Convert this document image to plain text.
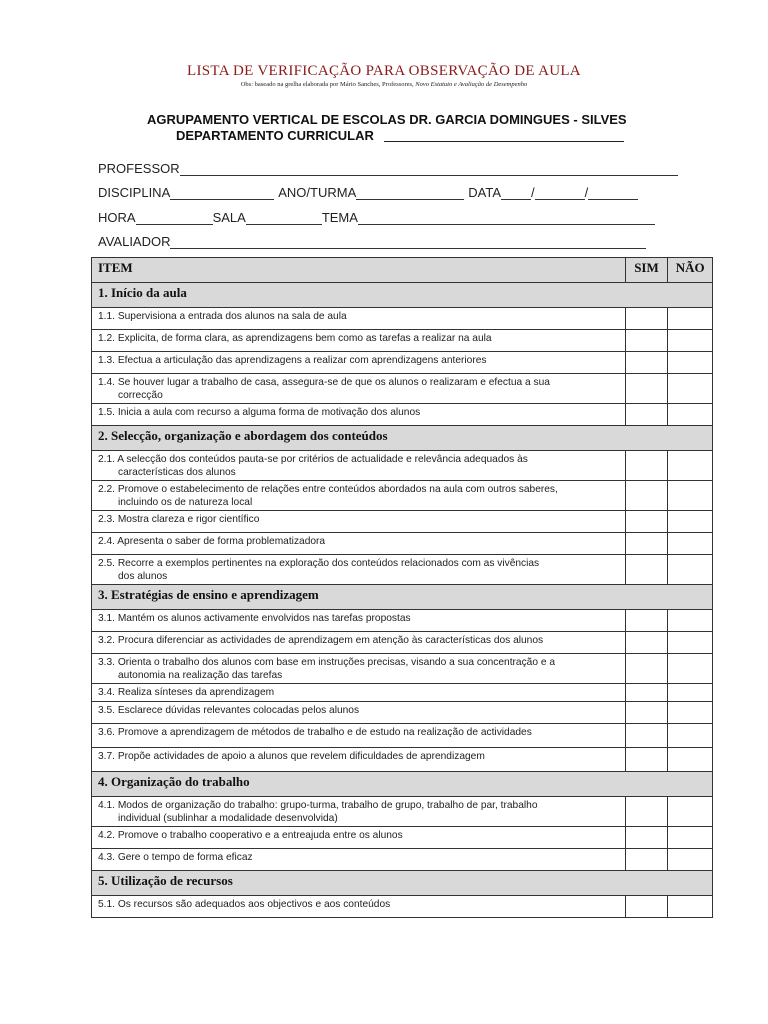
LISTA DE VERIFICAÇÃO PARA OBSERVAÇÃO DE AULA
Obs: baseado na grelha elaborada por Mário Sanches, Professores, Novo Estatuto e Avaliação de Desempenho
AGRUPAMENTO VERTICAL DE ESCOLAS DR. GARCIA DOMINGUES - SILVES
DEPARTAMENTO CURRICULAR
PROFESSOR
DISCIPLINA	ANO/TURMA	DATA /	/
HORA	SALA	TEMA
AVALIADOR
ITEM	SIM	NÃO
1. Início da aula		
1.1. Supervisiona a entrada dos alunos na sala de aula		
1.2. Explicita, de forma clara, as aprendizagens bem como as tarefas a realizar na aula		
1.3. Efectua a articulação das aprendizagens a realizar com aprendizagens anteriores		
1.4. Se houver lugar a trabalho de casa, assegura-se de que os alunos o realizaram e efectua a sua
correcção		

1.5. Inicia a aula com recurso a alguma forma de motivação dos alunos		
2. Selecção, organização e abordagem dos conteúdos		
2.1. A selecção dos conteúdos pauta-se por critérios de actualidade e relevância adequados às
características dos alunos		

2.2. Promove o estabelecimento de relações entre conteúdos abordados na aula com outros saberes,
incluindo os de natureza local		

2.3. Mostra clareza e rigor científico		
2.4. Apresenta o saber de forma problematizadora		
2.5. Recorre a exemplos pertinentes na exploração dos conteúdos relacionados com as vivências
dos alunos		

3. Estratégias de ensino e aprendizagem		
3.1. Mantém os alunos activamente envolvidos nas tarefas propostas		
3.2. Procura diferenciar as actividades de aprendizagem em atenção às características dos alunos		
3.3. Orienta o trabalho dos alunos com base em instruções precisas, visando a sua concentração e a
autonomia na realização das tarefas		

3.4. Realiza sínteses da aprendizagem		
3.5. Esclarece dúvidas relevantes colocadas pelos alunos		
3.6. Promove a aprendizagem de métodos de trabalho e de estudo na realização de actividades		
3.7. Propõe actividades de apoio a alunos que revelem dificuldades de aprendizagem		
4. Organização do trabalho		
4.1. Modos de organização do trabalho: grupo-turma, trabalho de grupo, trabalho de par, trabalho
individual (sublinhar a modalidade desenvolvida)		

4.2. Promove o trabalho cooperativo e a entreajuda entre os alunos		
4.3. Gere o tempo de forma eficaz		
5. Utilização de recursos		
5.1. Os recursos são adequados aos objectivos e aos conteúdos		
